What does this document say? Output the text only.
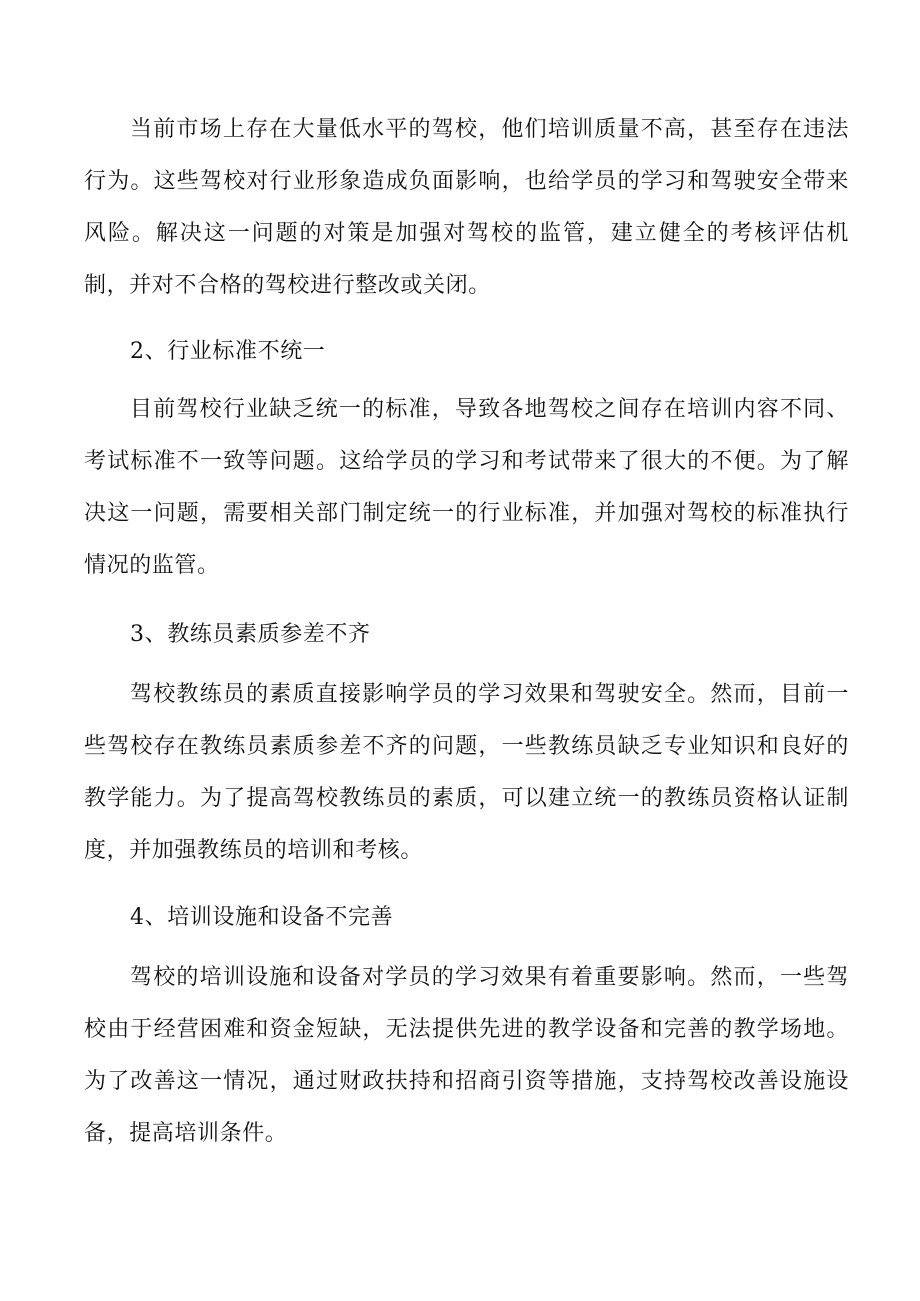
当前市场上存在大量低水平的驾校，他们培训质量不高，甚至存在违法行为。这些驾校对行业形象造成负面影响，也给学员的学习和驾驶安全带来风险。解决这一问题的对策是加强对驾校的监管，建立健全的考核评估机制，并对不合格的驾校进行整改或关闭。

2、行业标准不统一

目前驾校行业缺乏统一的标准，导致各地驾校之间存在培训内容不同、考试标准不一致等问题。这给学员的学习和考试带来了很大的不便。为了解决这一问题，需要相关部门制定统一的行业标准，并加强对驾校的标准执行情况的监管。

3、教练员素质参差不齐

驾校教练员的素质直接影响学员的学习效果和驾驶安全。然而，目前一些驾校存在教练员素质参差不齐的问题，一些教练员缺乏专业知识和良好的教学能力。为了提高驾校教练员的素质，可以建立统一的教练员资格认证制度，并加强教练员的培训和考核。

4、培训设施和设备不完善

驾校的培训设施和设备对学员的学习效果有着重要影响。然而，一些驾校由于经营困难和资金短缺，无法提供先进的教学设备和完善的教学场地。为了改善这一情况，通过财政扶持和招商引资等措施，支持驾校改善设施设备，提高培训条件。
